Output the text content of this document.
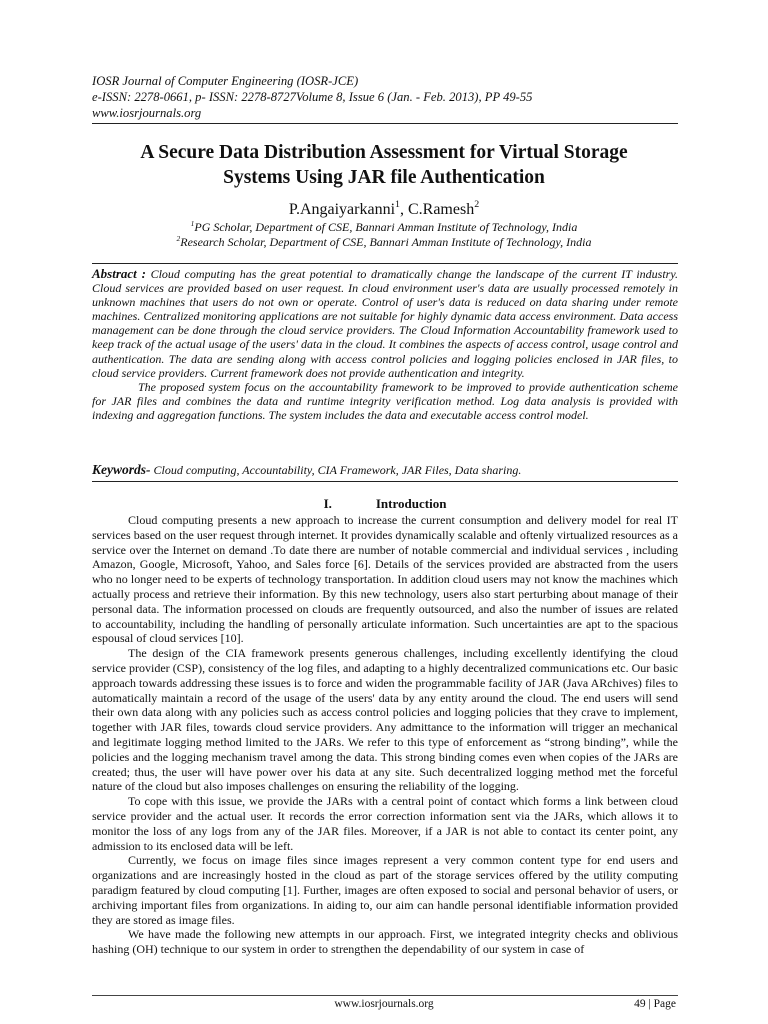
IOSR Journal of Computer Engineering (IOSR-JCE)
e-ISSN: 2278-0661, p- ISSN: 2278-8727Volume 8, Issue 6 (Jan. - Feb. 2013), PP 49-55
www.iosrjournals.org
A Secure Data Distribution Assessment for Virtual Storage
Systems Using JAR file Authentication
P.Angaiyarkanni$^1$, C.Ramesh$^2$
$^1$PG Scholar, Department of CSE, Bannari Amman Institute of Technology, India
$^2$Research Scholar, Department of CSE, Bannari Amman Institute of Technology, India

Abstract : Cloud computing has the great potential to dramatically change the landscape of the current IT industry. Cloud services are provided based on user request. In cloud environment user's data are usually processed remotely in unknown machines that users do not own or operate. Control of user's data is reduced on data sharing under remote machines. Centralized monitoring applications are not suitable for highly dynamic data access environment. Data access management can be done through the cloud service providers. The Cloud Information Accountability framework used to keep track of the actual usage of the users' data in the cloud. It combines the aspects of access control, usage control and authentication. The data are sending along with access control policies and logging policies enclosed in JAR files, to cloud service providers. Current framework does not provide authentication and integrity.

The proposed system focus on the accountability framework to be improved to provide authentication scheme for JAR files and combines the data and runtime integrity verification method. Log data analysis is provided with indexing and aggregation functions. The system includes the data and executable access control model.

Keywords- Cloud computing, Accountability, CIA Framework, JAR Files, Data sharing.
I.	Introduction

Cloud computing presents a new approach to increase the current consumption and delivery model for real IT services based on the user request through internet. It provides dynamically scalable and oftenly virtualized resources as a service over the Internet on demand .To date there are number of notable commercial and individual services , including Amazon, Google, Microsoft, Yahoo, and Sales force [6]. Details of the services provided are abstracted from the users who no longer need to be experts of technology transportation. In addition cloud users may not know the machines which actually process and retrieve their information. By this new technology, users also start perturbing about manage of their personal data. The information processed on clouds are frequently outsourced, and also the number of issues are related to accountability, including the handling of personally articulate information. Such uncertainties are apt to the spacious espousal of cloud services [10].

The design of the CIA framework presents generous challenges, including excellently identifying the cloud service provider (CSP), consistency of the log files, and adapting to a highly decentralized communications etc. Our basic approach towards addressing these issues is to force and widen the programmable facility of JAR (Java ARchives) files to automatically maintain a record of the usage of the users' data by any entity around the cloud. The end users will send their own data along with any policies such as access control policies and logging policies that they crave to implement, together with JAR files, towards cloud service providers. Any admittance to the information will trigger an mechanical and legitimate logging method limited to the JARs. We refer to this type of enforcement as “strong binding”, while the policies and the logging mechanism travel among the data. This strong binding comes even when copies of the JARs are created; thus, the user will have power over his data at any site. Such decentralized logging method met the forceful nature of the cloud but also imposes challenges on ensuring the reliability of the logging.

To cope with this issue, we provide the JARs with a central point of contact which forms a link between cloud service provider and the actual user. It records the error correction information sent via the JARs, which allows it to monitor the loss of any logs from any of the JAR files. Moreover, if a JAR is not able to contact its center point, any admission to its enclosed data will be left.

Currently, we focus on image files since images represent a very common content type for end users and organizations and are increasingly hosted in the cloud as part of the storage services offered by the utility computing paradigm featured by cloud computing [1]. Further, images are often exposed to social and personal behavior of users, or archiving important files from organizations. In aiding to, our aim can handle personal identifiable information provided they are stored as image files.

We have made the following new attempts in our approach. First, we integrated integrity checks and oblivious hashing (OH) technique to our system in order to strengthen the dependability of our system in case of

www.iosrjournals.org	49 | Page
